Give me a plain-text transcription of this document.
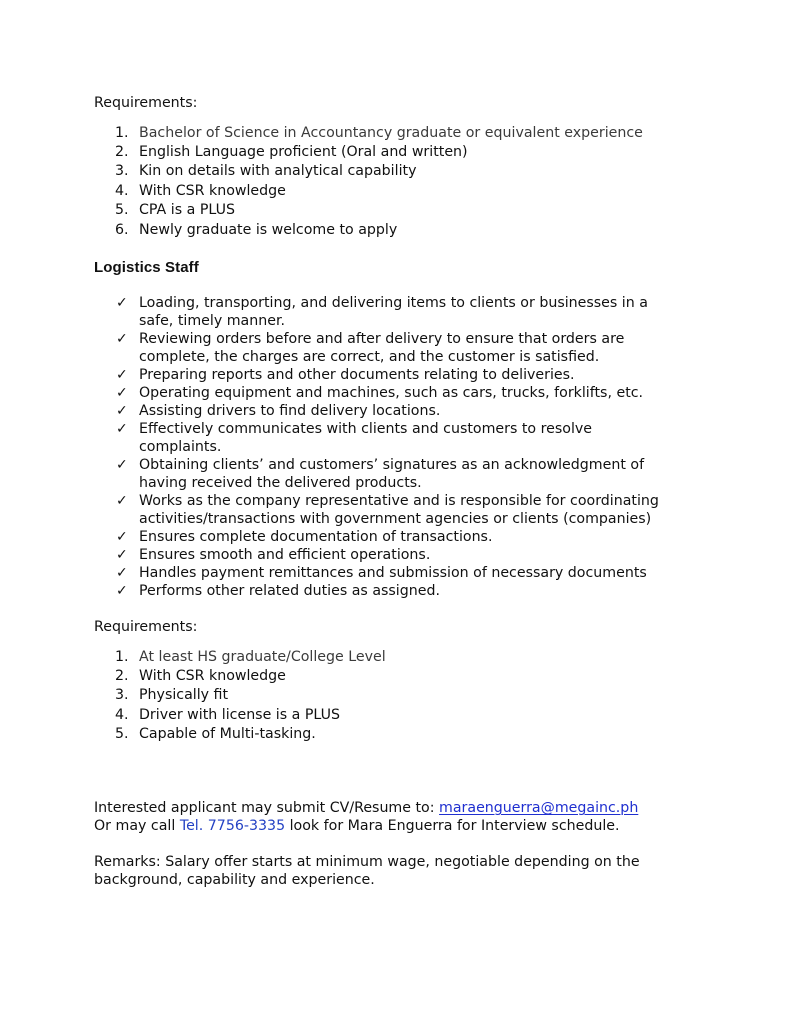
Requirements:
1. Bachelor of Science in Accountancy graduate or equivalent experience
2. English Language proficient (Oral and written)
3. Kin on details with analytical capability
4. With CSR knowledge
5. CPA is a PLUS
6. Newly graduate is welcome to apply
Logistics Staff
✓ Loading, transporting, and delivering items to clients or businesses in a
safe, timely manner.
✓ Reviewing orders before and after delivery to ensure that orders are
complete, the charges are correct, and the customer is satisfied.
✓ Preparing reports and other documents relating to deliveries.
✓ Operating equipment and machines, such as cars, trucks, forklifts, etc.
✓ Assisting drivers to find delivery locations.
✓ Effectively communicates with clients and customers to resolve
complaints.
✓ Obtaining clients’ and customers’ signatures as an acknowledgment of
having received the delivered products.
✓ Works as the company representative and is responsible for coordinating
activities/transactions with government agencies or clients (companies)
✓ Ensures complete documentation of transactions.
✓ Ensures smooth and efficient operations.
✓ Handles payment remittances and submission of necessary documents
✓ Performs other related duties as assigned.
Requirements:
1. At least HS graduate/College Level
2. With CSR knowledge
3. Physically fit
4. Driver with license is a PLUS
5. Capable of Multi-tasking.
Interested applicant may submit CV/Resume to: maraenguerra@megainc.ph
Or may call Tel. 7756-3335 look for Mara Enguerra for Interview schedule.
Remarks: Salary offer starts at minimum wage, negotiable depending on the
background, capability and experience.
